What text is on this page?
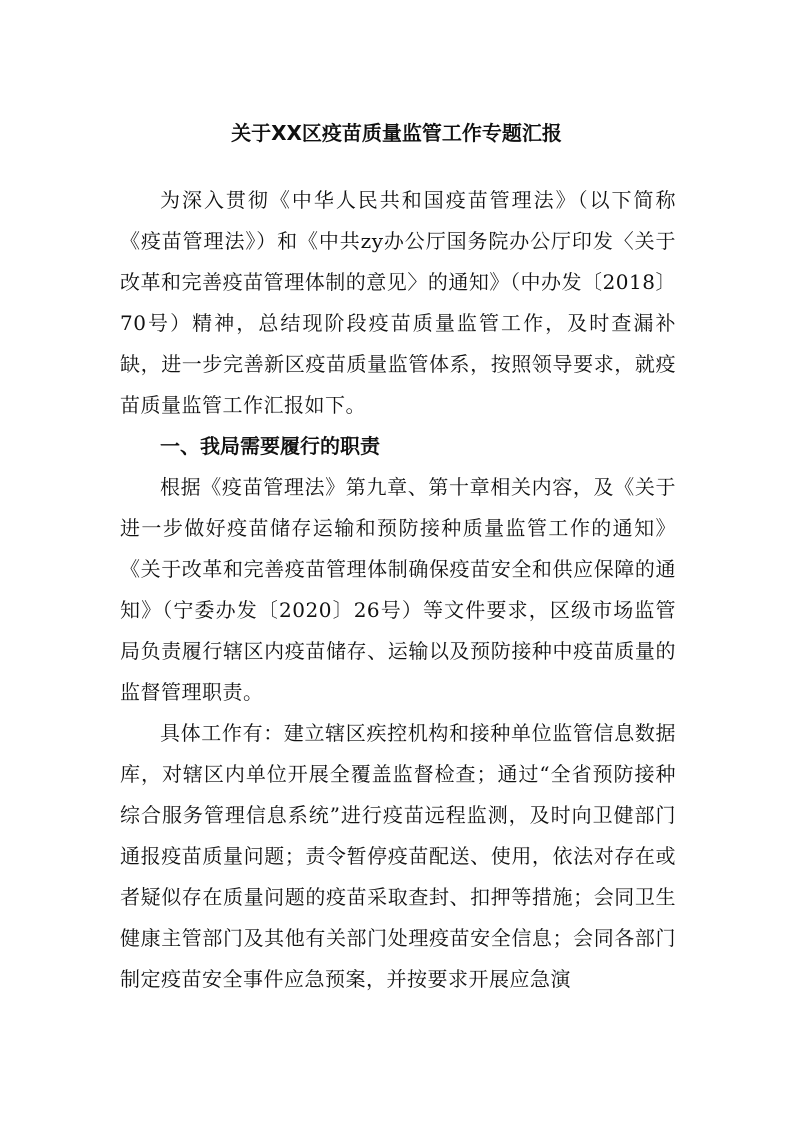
关于XX区疫苗质量监管工作专题汇报

为深入贯彻《中华人民共和国疫苗管理法》（以下简称《疫苗管理法》）和《中共zy办公厅国务院办公厅印发〈关于改革和完善疫苗管理体制的意见〉的通知》（中办发〔2018〕70号）精神，总结现阶段疫苗质量监管工作，及时查漏补缺，进一步完善新区疫苗质量监管体系，按照领导要求，就疫苗质量监管工作汇报如下。

一、我局需要履行的职责

根据《疫苗管理法》第九章、第十章相关内容，及《关于进一步做好疫苗储存运输和预防接种质量监管工作的通知》《关于改革和完善疫苗管理体制确保疫苗安全和供应保障的通知》（宁委办发〔2020〕26号）等文件要求，区级市场监管局负责履行辖区内疫苗储存、运输以及预防接种中疫苗质量的监督管理职责。

具体工作有：建立辖区疾控机构和接种单位监管信息数据库，对辖区内单位开展全覆盖监督检查；通过“全省预防接种综合服务管理信息系统”进行疫苗远程监测，及时向卫健部门通报疫苗质量问题；责令暂停疫苗配送、使用，依法对存在或者疑似存在质量问题的疫苗采取查封、扣押等措施；会同卫生健康主管部门及其他有关部门处理疫苗安全信息；会同各部门制定疫苗安全事件应急预案，并按要求开展应急演
